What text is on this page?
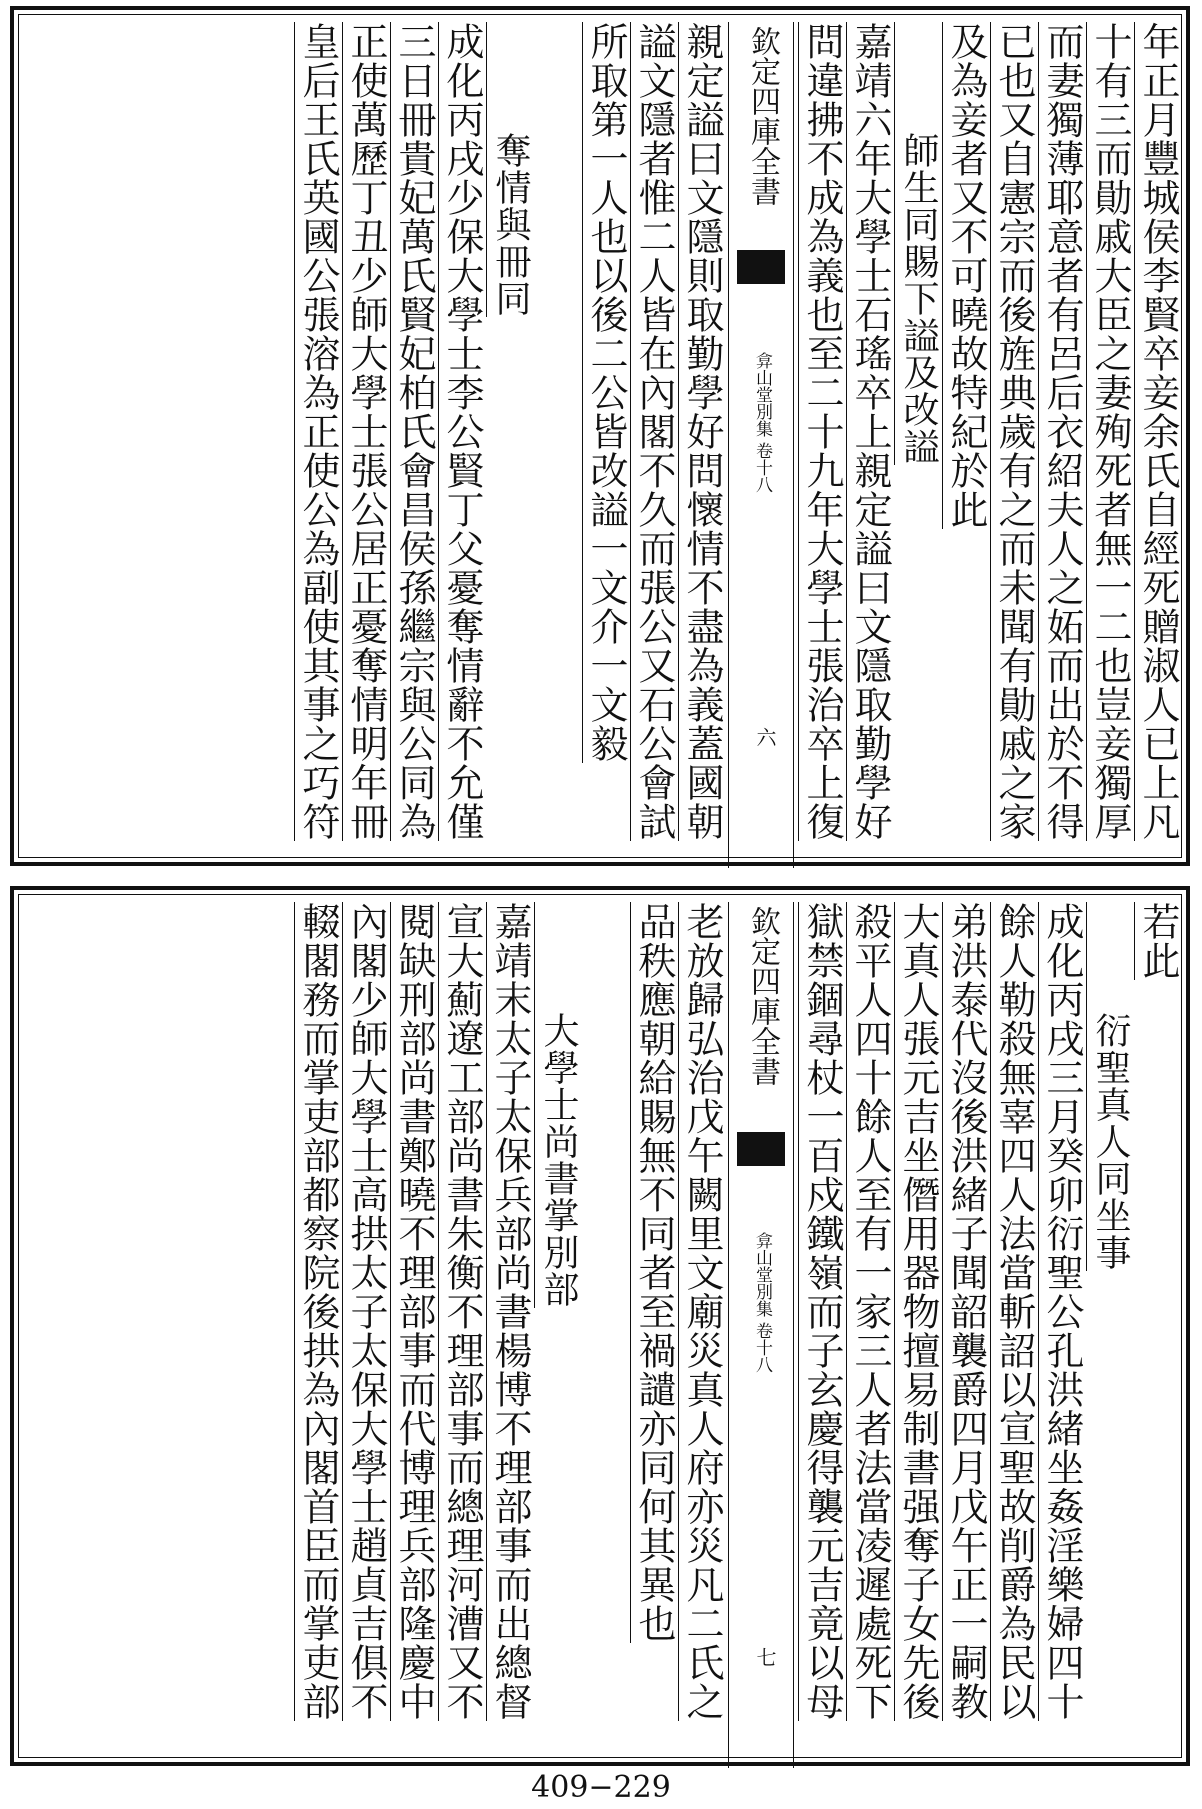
年正月豐城侯李賢卒妾余氏自經死贈淑人已上凡
十有三而勛戚大臣之妻殉死者無一二也豈妾獨厚
而妻獨薄耶意者有呂后衣紹夫人之妬而出於不得
已也又自憲宗而後旌典歲有之而未聞有勛戚之家
及為妾者又不可曉故特紀於此
師生同賜下謚及改謚
嘉靖六年大學士石瑤卒上親定謚曰文隱取勤學好
問違拂不成為義也至二十九年大學士張治卒上復
欽定四庫全書
弇山堂別集
卷十八
六
親定謚曰文隱則取勤學好問懷情不盡為義蓋國朝
謚文隱者惟二人皆在內閣不久而張公又石公會試
所取第一人也以後二公皆改謚一文介一文毅
奪情與冊同
成化丙戌少保大學士李公賢丁父憂奪情辭不允僅
三日冊貴妃萬氏賢妃柏氏會昌侯孫繼宗與公同為
正使萬歷丁丑少師大學士張公居正憂奪情明年冊
皇后王氏英國公張溶為正使公為副使其事之巧符
若此
衍聖真人同坐事
成化丙戌三月癸卯衍聖公孔洪緒坐姦淫樂婦四十
餘人勒殺無辜四人法當斬詔以宣聖故削爵為民以
弟洪泰代沒後洪緒子聞韶襲爵四月戊午正一嗣教
大真人張元吉坐僭用器物擅易制書强奪子女先後
殺平人四十餘人至有一家三人者法當凌遲處死下
獄禁錮尋杖一百戍鐵嶺而子玄慶得襲元吉竟以母
欽定四庫全書
弇山堂別集
卷十八
七
老放歸弘治戊午闕里文廟災真人府亦災凡二氏之
品秩應朝給賜無不同者至禍譴亦同何其異也
大學士尚書掌別部
嘉靖末太子太保兵部尚書楊博不理部事而出總督
宣大薊遼工部尚書朱衡不理部事而總理河漕又不
閱缺刑部尚書鄭曉不理部事而代博理兵部隆慶中
內閣少師大學士高拱太子太保大學士趙貞吉俱不
輟閣務而掌吏部都察院後拱為內閣首臣而掌吏部
409−229
